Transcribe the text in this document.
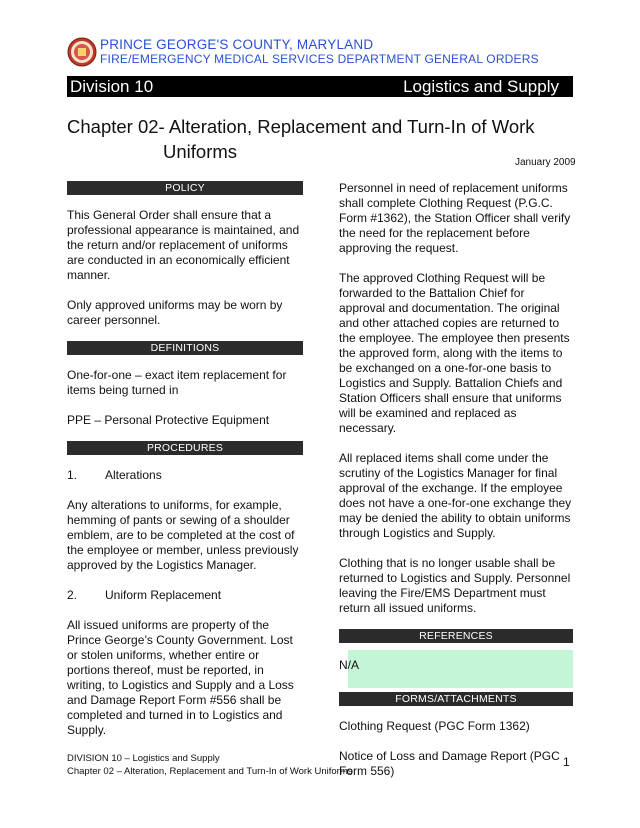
PRINCE GEORGE'S COUNTY, MARYLAND
FIRE/EMERGENCY MEDICAL SERVICES DEPARTMENT GENERAL ORDERS
Division 10	Logistics and Supply
Chapter 02- Alteration, Replacement and Turn-In of Work
Uniforms
January 2009
POLICY

This General Order shall ensure that a professional appearance is maintained, and the return and/or replacement of uniforms are conducted in an economically efficient manner.

Only approved uniforms may be worn by career personnel.

DEFINITIONS

One-for-one – exact item replacement for items being turned in

PPE – Personal Protective Equipment

PROCEDURES
1.	Alterations

Any alterations to uniforms, for example, hemming of pants or sewing of a shoulder emblem, are to be completed at the cost of the employee or member, unless previously approved by the Logistics Manager.

2.	Uniform Replacement

All issued uniforms are property of the Prince George’s County Government. Lost or stolen uniforms, whether entire or portions thereof, must be reported, in writing, to Logistics and Supply and a Loss and Damage Report Form #556 shall be completed and turned in to Logistics and Supply.

Personnel in need of replacement uniforms shall complete Clothing Request (P.G.C. Form #1362), the Station Officer shall verify the need for the replacement before approving the request.

The approved Clothing Request will be forwarded to the Battalion Chief for approval and documentation. The original and other attached copies are returned to the employee. The employee then presents the approved form, along with the items to be exchanged on a one-for-one basis to Logistics and Supply. Battalion Chiefs and Station Officers shall ensure that uniforms will be examined and replaced as necessary.

All replaced items shall come under the scrutiny of the Logistics Manager for final approval of the exchange. If the employee does not have a one-for-one exchange they may be denied the ability to obtain uniforms through Logistics and Supply.

Clothing that is no longer usable shall be returned to Logistics and Supply. Personnel leaving the Fire/EMS Department must return all issued uniforms.

REFERENCES
N/A
FORMS/ATTACHMENTS

Clothing Request (PGC Form 1362)

Notice of Loss and Damage Report (PGC Form 556)

DIVISION 10 – Logistics and Supply
Chapter 02 – Alteration, Replacement and Turn-In of Work Uniforms
1
